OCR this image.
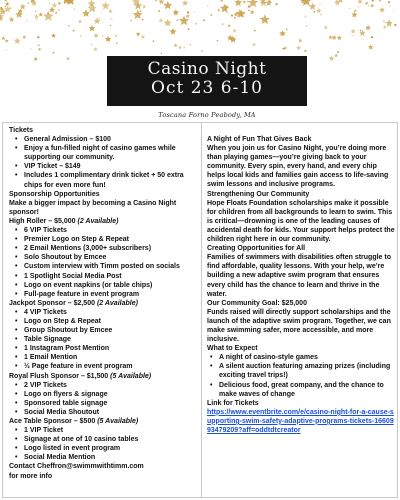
Casino Night
Oct 23 6-10
Toscana Forno Peabody, MA
Tickets
• General Admission – $100
• Enjoy a fun-filled night of casino games while supporting our community.
• VIP Ticket – $149
• Includes 1 complimentary drink ticket + 50 extra chips for even more fun!
Sponsorship Opportunities
Make a bigger impact by becoming a Casino Night sponsor!
High Roller – $5,000 (2 Available)
• 6 VIP Tickets
• Premier Logo on Step & Repeat
• 2 Email Mentions (3,000+ subscribers)
• Solo Shoutout by Emcee
• Custom interview with Timm posted on socials
• 1 Spotlight Social Media Post
• Logo on event napkins (or table chips)
• Full-page feature in event program
Jackpot Sponsor – $2,500 (2 Available)
• 4 VIP Tickets
• Logo on Step & Repeat
• Group Shoutout by Emcee
• Table Signage
• 1 Instagram Post Mention
• 1 Email Mention
• ½ Page feature in event program
Royal Flush Sponsor – $1,500 (5 Available)
• 2 VIP Tickets
• Logo on flyers & signage
• Sponsored table signage
• Social Media Shoutout
Ace Table Sponsor – $500 (5 Available)
• 1 VIP Ticket
• Signage at one of 10 casino tables
• Logo listed in event program
• Social Media Mention
Contact Cheffron@swimmwithtimm.com
for more info
A Night of Fun That Gives Back
When you join us for Casino Night, you’re doing more than playing games—you’re giving back to your community. Every spin, every hand, and every chip helps local kids and families gain access to life-saving swim lessons and inclusive programs.
Strengthening Our Community
Hope Floats Foundation scholarships make it possible for children from all backgrounds to learn to swim. This is critical—drowning is one of the leading causes of accidental death for kids. Your support helps protect the children right here in our community.
Creating Opportunities for All
Families of swimmers with disabilities often struggle to find affordable, quality lessons. With your help, we’re building a new adaptive swim program that ensures every child has the chance to learn and thrive in the water.
Our Community Goal: $25,000
Funds raised will directly support scholarships and the launch of the adaptive swim program. Together, we can make swimming safer, more accessible, and more inclusive.
What to Expect
• A night of casino-style games
• A silent auction featuring amazing prizes (including exciting travel trips!)
• Delicious food, great company, and the chance to make waves of change
Link for Tickets
https://www.eventbrite.com/e/casino-night-for-a-cause-supporting-swim-safety-adaptive-programs-tickets-1660993479209?aff=oddtdtcreator
